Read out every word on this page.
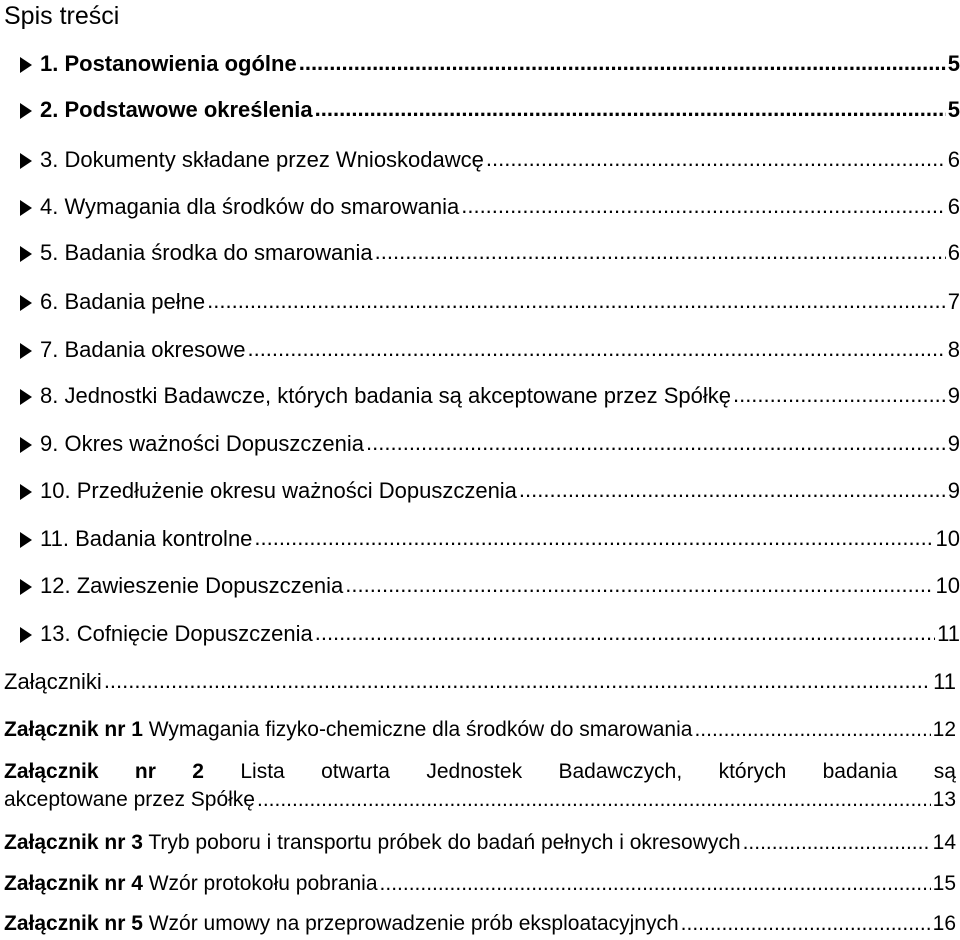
Spis treści
1. Postanowienia ogólne .....	5
2. Podstawowe określenia .....	5
3. Dokumenty składane przez Wnioskodawcę .....	6
4. Wymagania dla środków do smarowania .....	6
5. Badania środka do smarowania .....	6
6. Badania pełne .....	7
7. Badania okresowe .....	8
8. Jednostki Badawcze, których badania są akceptowane przez Spółkę .....	9
9. Okres ważności Dopuszczenia .....	9
10. Przedłużenie okresu ważności Dopuszczenia .....	9
11. Badania kontrolne .....	10
12. Zawieszenie Dopuszczenia .....	10
13. Cofnięcie Dopuszczenia .....	11
Załączniki .....	11
Załącznik nr 1 Wymagania fizyko-chemiczne dla środków do smarowania .....	12
Załącznik nr 2 Lista otwarta Jednostek Badawczych, których badania są
akceptowane przez Spółkę .....	13
Załącznik nr 3 Tryb poboru i transportu próbek do badań pełnych i okresowych .....	14
Załącznik nr 4 Wzór protokołu pobrania .....	15
Załącznik nr 5 Wzór umowy na przeprowadzenie prób eksploatacyjnych .....	16
